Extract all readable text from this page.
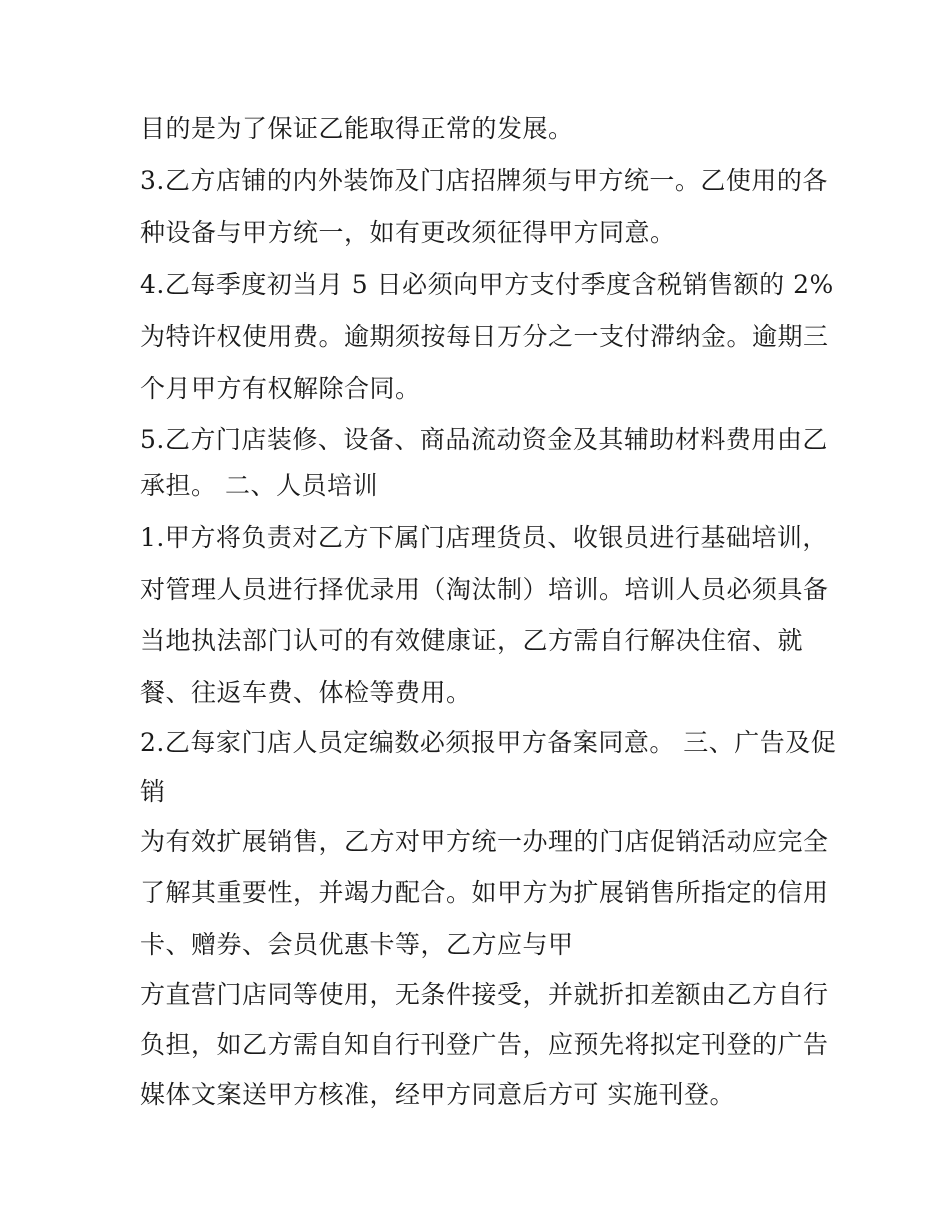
目的是为了保证乙能取得正常的发展。
3.乙方店铺的内外装饰及门店招牌须与甲方统一。乙使用的各
种设备与甲方统一，如有更改须征得甲方同意。
4.乙每季度初当月 5 日必须向甲方支付季度含税销售额的 2%
为特许权使用费。逾期须按每日万分之一支付滞纳金。逾期三
个月甲方有权解除合同。
5.乙方门店装修、设备、商品流动资金及其辅助材料费用由乙
承担。 二、人员培训
1.甲方将负责对乙方下属门店理货员、收银员进行基础培训，
对管理人员进行择优录用（淘汰制）培训。培训人员必须具备
当地执法部门认可的有效健康证，乙方需自行解决住宿、就
餐、往返车费、体检等费用。
2.乙每家门店人员定编数必须报甲方备案同意。 三、广告及促
销
为有效扩展销售，乙方对甲方统一办理的门店促销活动应完全
了解其重要性，并竭力配合。如甲方为扩展销售所指定的信用
卡、赠券、会员优惠卡等，乙方应与甲
方直营门店同等使用，无条件接受，并就折扣差额由乙方自行
负担，如乙方需自知自行刊登广告，应预先将拟定刊登的广告
媒体文案送甲方核准，经甲方同意后方可 实施刊登。
